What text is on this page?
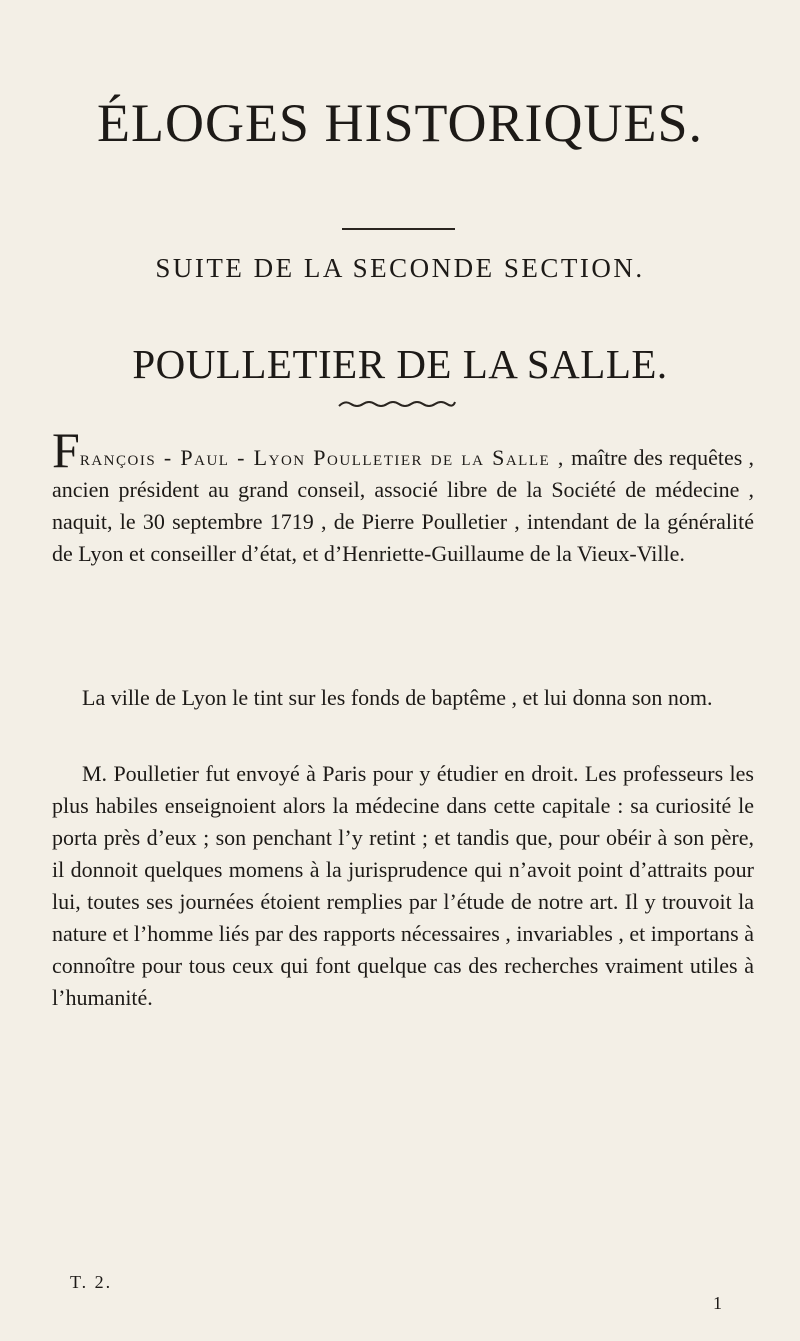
ÉLOGES HISTORIQUES.
SUITE DE LA SECONDE SECTION.
POULLETIER DE LA SALLE.
François - Paul - Lyon Poulletier de la Salle , maître des requêtes , ancien président au grand conseil, associé libre de la Société de médecine , naquit, le 30 septembre 1719 , de Pierre Poulletier , intendant de la généralité de Lyon et conseiller d’état, et d’Henriette-Guillaume de la Vieux-Ville.
La ville de Lyon le tint sur les fonds de baptême , et lui donna son nom.
M. Poulletier fut envoyé à Paris pour y étudier en droit. Les professeurs les plus habiles enseignoient alors la médecine dans cette capitale : sa curiosité le porta près d’eux ; son penchant l’y retint ; et tandis que, pour obéir à son père, il donnoit quelques momens à la jurisprudence qui n’avoit point d’attraits pour lui, toutes ses journées étoient remplies par l’étude de notre art. Il y trouvoit la nature et l’homme liés par des rapports nécessaires , invariables , et importans à connoître pour tous ceux qui font quelque cas des recherches vraiment utiles à l’humanité.
T. 2.
1
